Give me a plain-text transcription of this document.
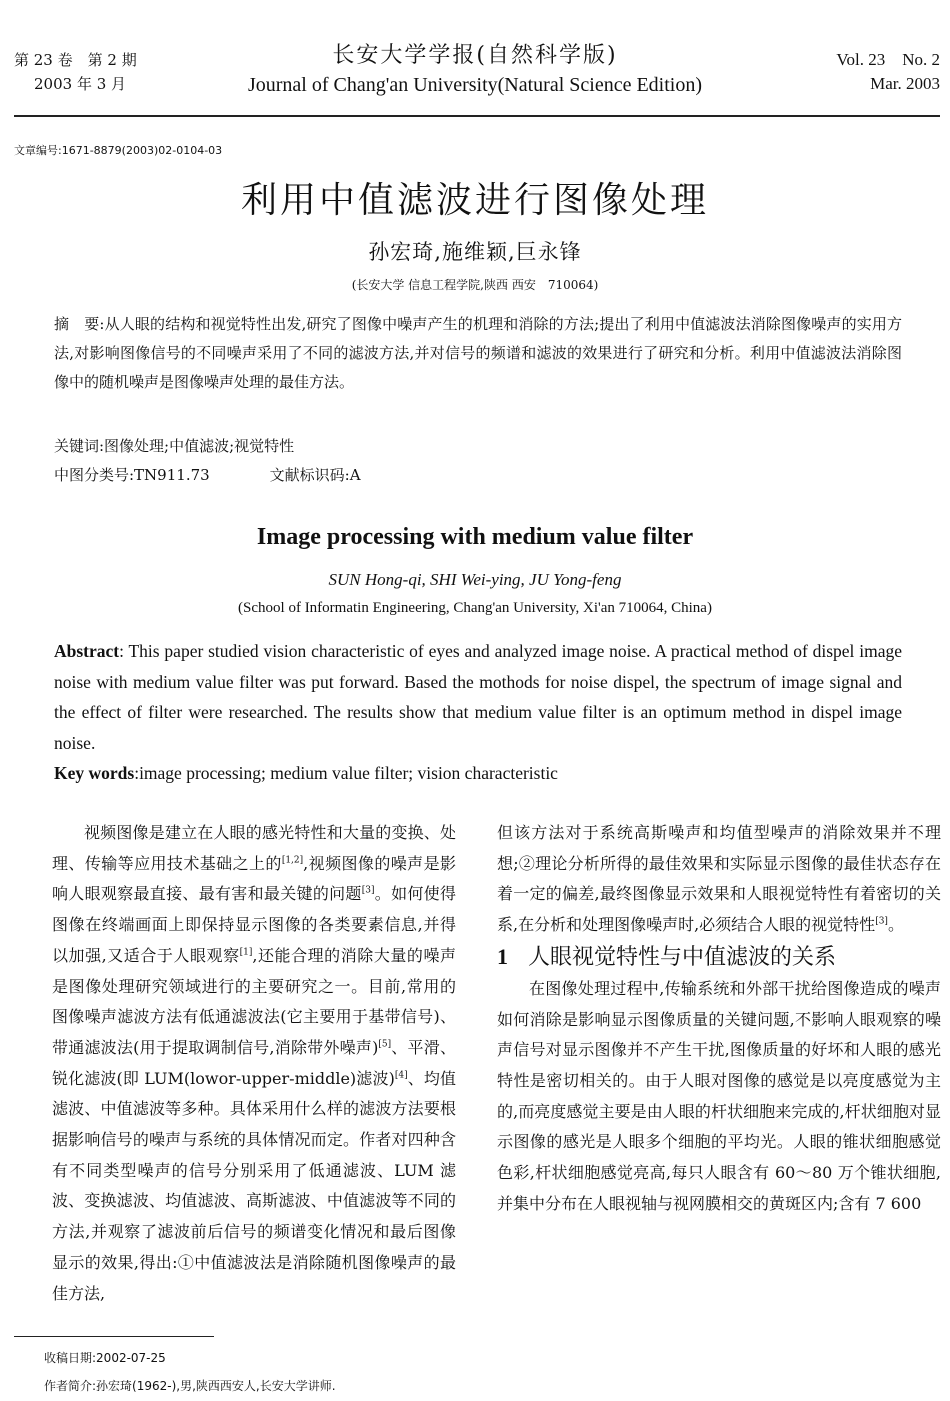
第 23 卷　第 2 期
2003 年 3 月
长安大学学报(自然科学版)
Journal of Chang'an University(Natural Science Edition)
Vol. 23　No. 2
Mar. 2003
文章编号:1671-8879(2003)02-0104-03
利用中值滤波进行图像处理
孙宏琦,施维颖,巨永锋
(长安大学 信息工程学院,陕西 西安　710064)
摘　要:从人眼的结构和视觉特性出发,研究了图像中噪声产生的机理和消除的方法;提出了利用中值滤波法消除图像噪声的实用方法,对影响图像信号的不同噪声采用了不同的滤波方法,并对信号的频谱和滤波的效果进行了研究和分析。利用中值滤波法消除图像中的随机噪声是图像噪声处理的最佳方法。
关键词:图像处理;中值滤波;视觉特性
中图分类号:TN911.73	文献标识码:A
Image processing with medium value filter
SUN Hong-qi, SHI Wei-ying, JU Yong-feng
(School of Informatin Engineering, Chang'an University, Xi'an 710064, China)
Abstract: This paper studied vision characteristic of eyes and analyzed image noise. A practical method of dispel image noise with medium value filter was put forward. Based the mothods for noise dispel, the spectrum of image signal and the effect of filter were researched. The results show that medium value filter is an optimum method in dispel image noise.
Key words:image processing; medium value filter; vision characteristic

视频图像是建立在人眼的感光特性和大量的变换、处理、传输等应用技术基础之上的[1,2],视频图像的噪声是影响人眼观察最直接、最有害和最关键的问题[3]。如何使得图像在终端画面上即保持显示图像的各类要素信息,并得以加强,又适合于人眼观察[1],还能合理的消除大量的噪声是图像处理研究领域进行的主要研究之一。目前,常用的图像噪声滤波方法有低通滤波法(它主要用于基带信号)、带通滤波法(用于提取调制信号,消除带外噪声)[5]、平滑、锐化滤波(即 LUM(lowor-upper-middle)滤波)[4]、均值滤波、中值滤波等多种。具体采用什么样的滤波方法要根据影响信号的噪声与系统的具体情况而定。作者对四种含有不同类型噪声的信号分别采用了低通滤波、LUM 滤波、变换滤波、均值滤波、高斯滤波、中值滤波等不同的方法,并观察了滤波前后信号的频谱变化情况和最后图像显示的效果,得出:①中值滤波法是消除随机图像噪声的最佳方法,

但该方法对于系统高斯噪声和均值型噪声的消除效果并不理想;②理论分析所得的最佳效果和实际显示图像的最佳状态存在着一定的偏差,最终图像显示效果和人眼视觉特性有着密切的关系,在分析和处理图像噪声时,必须结合人眼的视觉特性[3]。

1 人眼视觉特性与中值滤波的关系

在图像处理过程中,传输系统和外部干扰给图像造成的噪声如何消除是影响显示图像质量的关键问题,不影响人眼观察的噪声信号对显示图像并不产生干扰,图像质量的好坏和人眼的感光特性是密切相关的。由于人眼对图像的感觉是以亮度感觉为主的,而亮度感觉主要是由人眼的杆状细胞来完成的,杆状细胞对显示图像的感光是人眼多个细胞的平均光。人眼的锥状细胞感觉色彩,杆状细胞感觉亮高,每只人眼含有 60～80 万个锥状细胞,并集中分布在人眼视轴与视网膜相交的黄斑区内;含有 7 600

收稿日期:2002-07-25
作者简介:孙宏琦(1962-),男,陕西西安人,长安大学讲师.
